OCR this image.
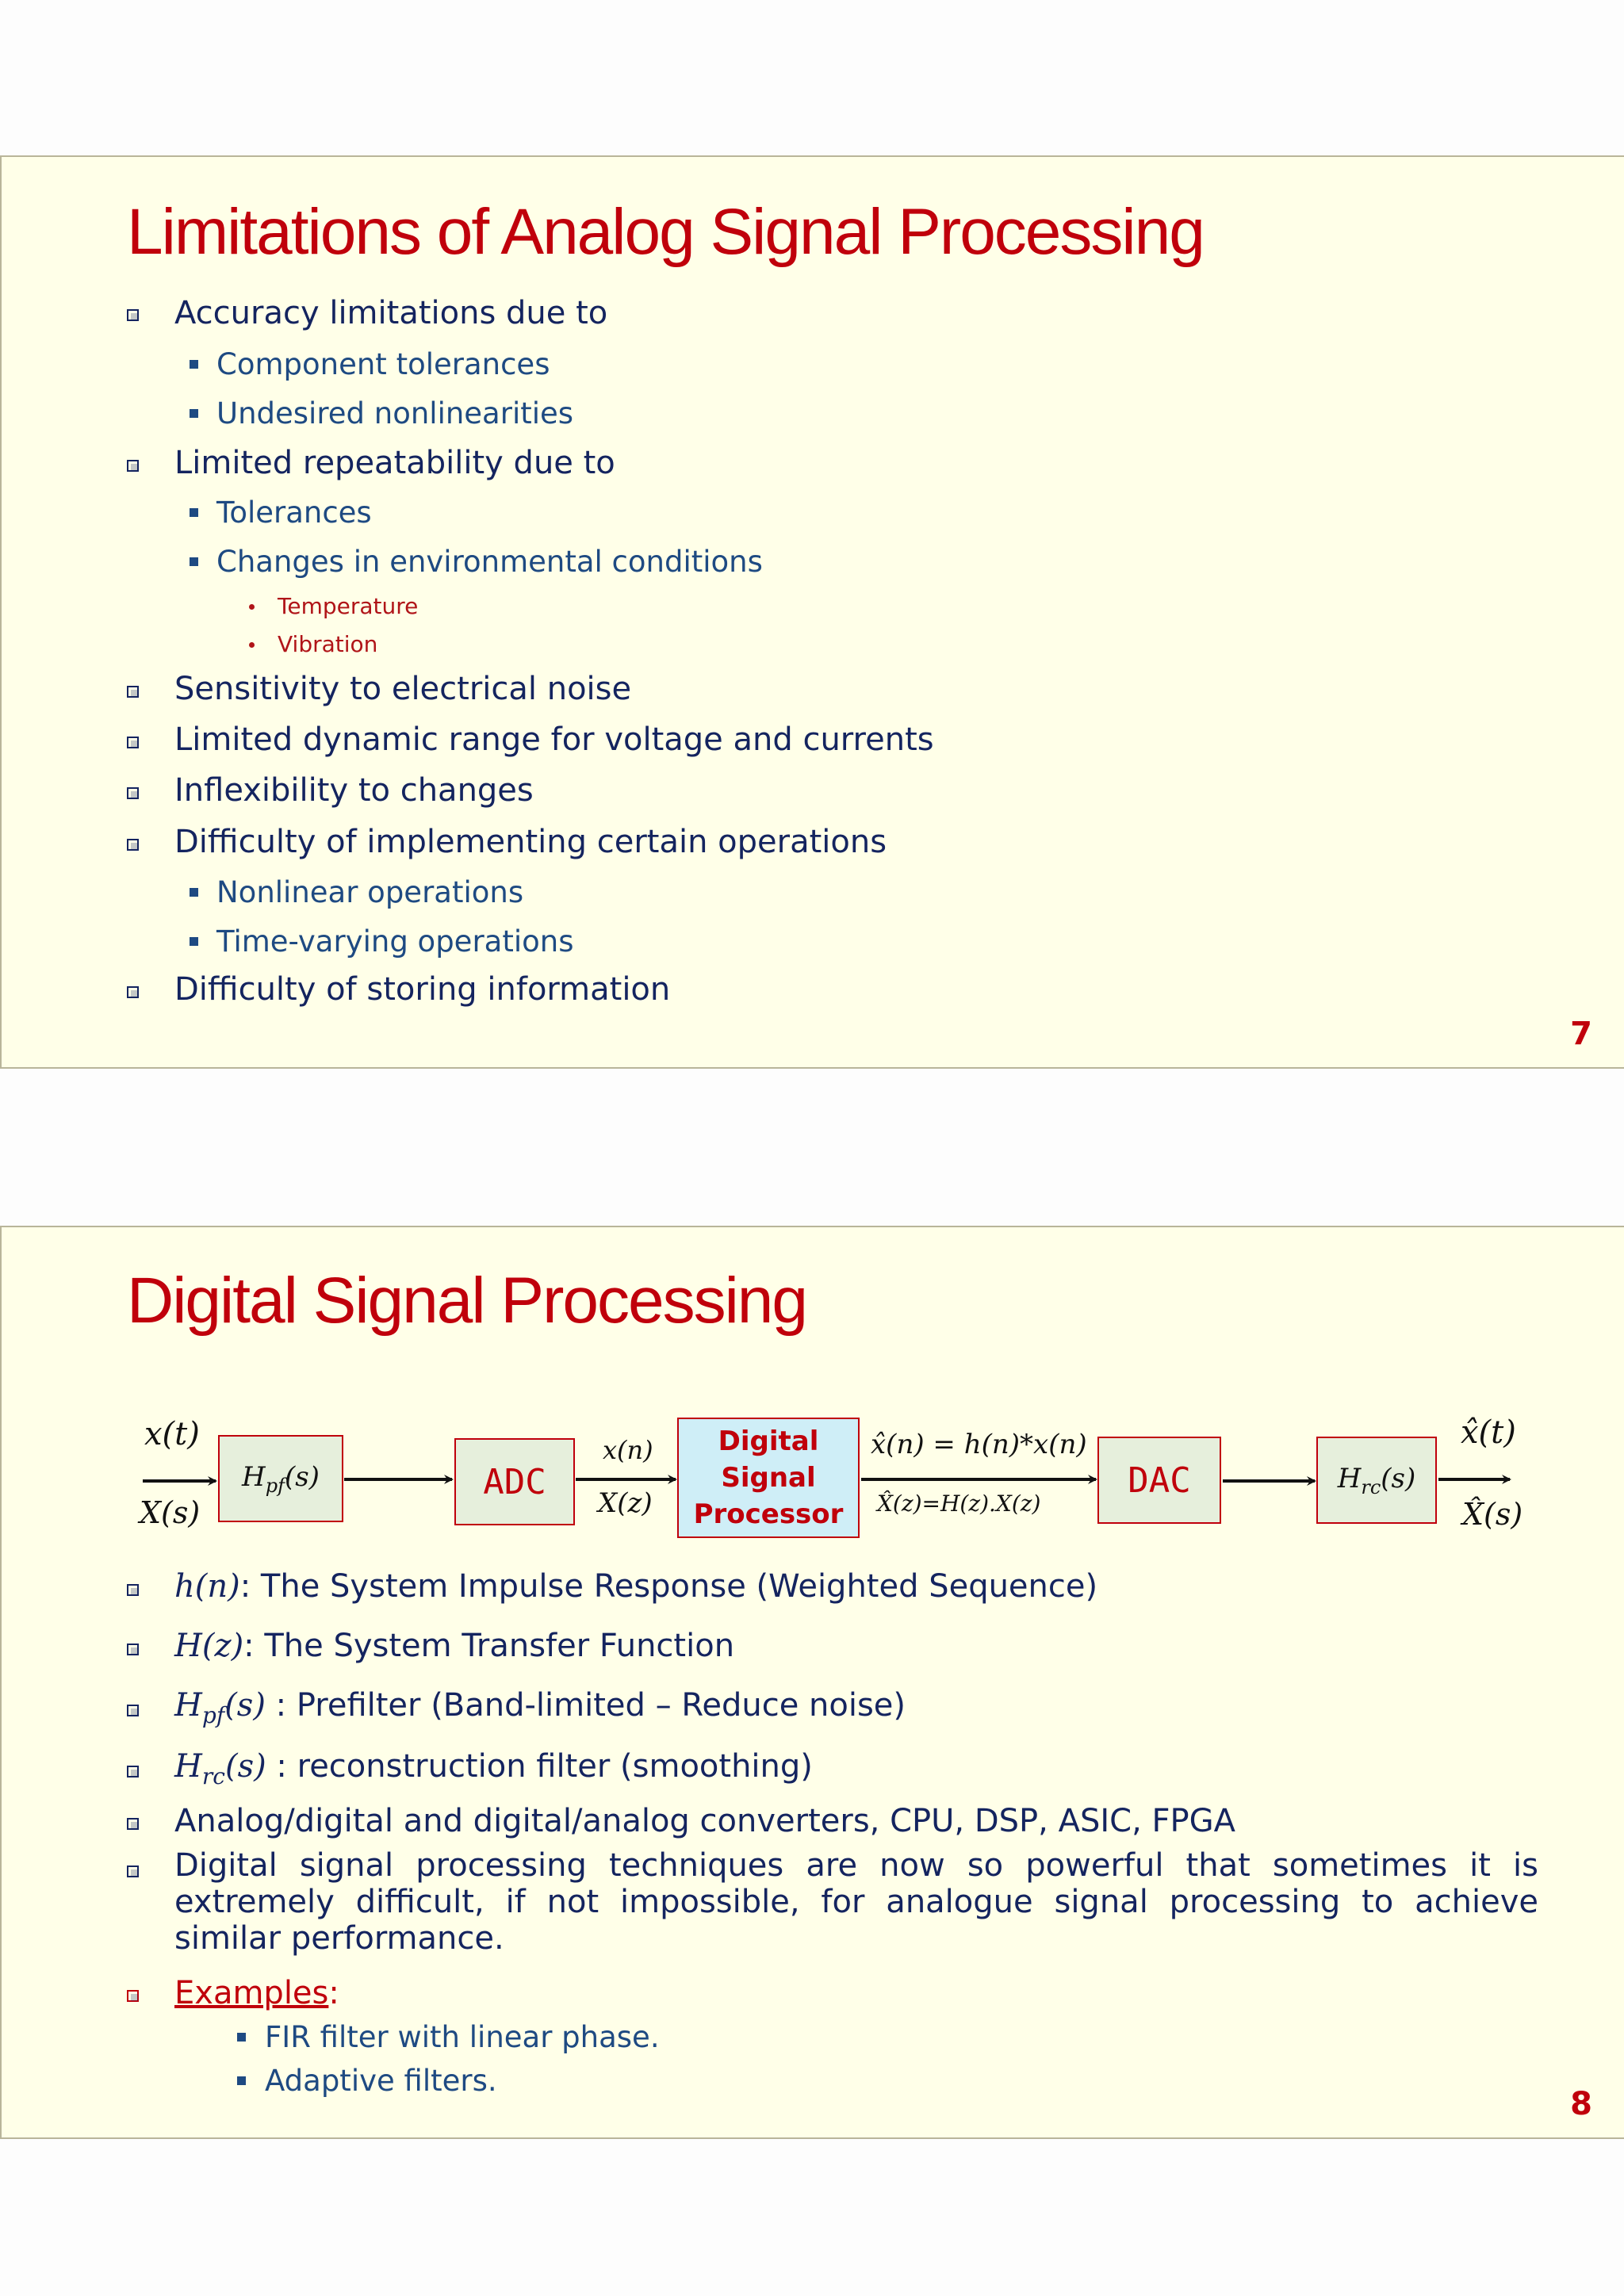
Limitations of Analog Signal Processing
Accuracy limitations due to
Component tolerances
Undesired nonlinearities
Limited repeatability due to
Tolerances
Changes in environmental conditions
Temperature
Vibration
Sensitivity to electrical noise
Limited dynamic range for voltage and currents
Inflexibility to changes
Difficulty of implementing certain operations
Nonlinear operations
Time-varying operations
Difficulty of storing information
7
Digital Signal Processing
x(t)
X(s)
$H_{pf}(s)$	ADC
x(n)
X(z)
Digital
Signal
Processor
x̂(n) = h(n)*x(n)
X̂(z)=H(z).X(z)
DAC	$H_{rc}(s)$
x̂(t)
X̂(s)
h(n): The System Impulse Response (Weighted Sequence)
H(z): The System Transfer Function
$H_{pf}(s)$ : Prefilter (Band-limited – Reduce noise)
$H_{rc}(s)$ : reconstruction filter (smoothing)
Analog/digital and digital/analog converters, CPU, DSP, ASIC, FPGA
Digital signal processing techniques are now so powerful that sometimes it is extremely difficult, if not impossible, for analogue signal processing to achieve similar performance.
Examples:
FIR filter with linear phase.
Adaptive filters.
8
